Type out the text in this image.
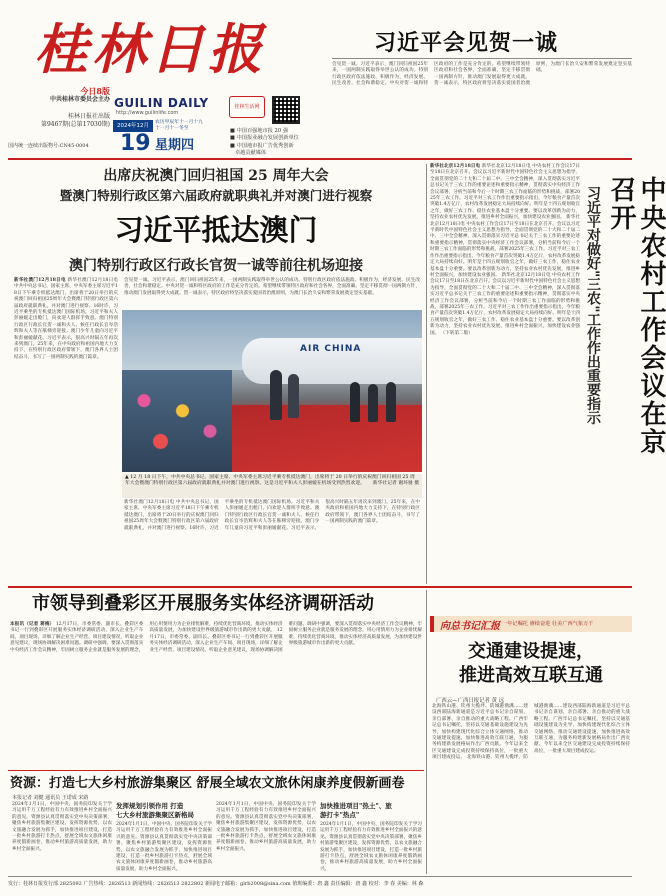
桂林日报
今日8版
中共桂林市委员会主办
桂林日报社出版
第9467期(总第17030期)
国内统一连续出版物号:CN45-0004
GUILIN DAILY
http://www.guilinlife.com
2024年12月
19
农历甲辰年十一月十九
十一月十一冬至
星期四
桂林生活网
■ 中国百强地市报 20 强
■ 中国报业融合发展创新单位
■ 中国地市报广告优秀创新
卓越贡献媒体
习近平会见贺一诚
会见贺一诚。习近平表示，澳门回归祖国25年来，一国两制实践取得举世公认的成功。特别行政区政府依法施政、积极作为，经济发展、民生改善，社会和谐稳定。中央对贺一诚和特区政府的工作是充分肯定的。希望继续带领特区政府和社会各界，全面准确、坚定不移贯彻一国两制方针，推动澳门发展取得更大成就。贺一诚表示，特区政府将坚决落实爱国者治澳原则，为澳门长治久安和繁荣发展奠定坚实基础。
出席庆祝澳门回归祖国 25 周年大会
暨澳门特别行政区第六届政府就职典礼并对澳门进行视察
习近平抵达澳门
澳门特别行政区行政长官贺一诚等前往机场迎接
新华社澳门12月18日电 新华社澳门12月18日电 中共中央总书记、国家主席、中央军委主席习近平18日下午乘专机抵达澳门，出席将于20日举行的庆祝澳门回归祖国25周年大会暨澳门特别行政区第六届政府就职典礼，并对澳门进行视察。16时许，习近平乘坐的专机抵达澳门国际机场。习近平和夫人彭丽媛走出舱门，向欢迎人群挥手致意。澳门特别行政区行政长官贺一诚和夫人、候任行政长官岑浩辉和夫人等在舷梯旁迎接。澳门少年儿童向习近平和彭丽媛献花。习近平表示，很高兴时隔五年再次来到澳门。25年来，在中央政府和祖国内地大力支持下，在特别行政区政府带领下，澳门各界人士团结奋斗，书写了一国两制实践的澳门篇章。
会见贺一诚。习近平表示，澳门回归祖国25年来，一国两制实践取得举世公认的成功。特别行政区政府依法施政、积极作为，经济发展、民生改善，社会和谐稳定。中央对贺一诚和特区政府的工作是充分肯定的。希望继续带领特区政府和社会各界，全面准确、坚定不移贯彻一国两制方针，推动澳门发展取得更大成就。贺一诚表示，特区政府将坚决落实爱国者治澳原则，为澳门长治久安和繁荣发展奠定坚实基础。
AIR CHINA
▲ 12 月 18 日下午，中共中央总书记、国家主席、中央军委主席习近平乘专机抵达澳门，出席将于 20 日举行的庆祝澳门回归祖国 25 周年大会暨澳门特别行政区第六届政府就职典礼并对澳门进行视察。这是习近平和夫人彭丽媛在机场受到热烈欢迎。 新华社记者 谢环驰 摄
新华社澳门12月18日电 中共中央总书记、国家主席、中央军委主席习近平18日下午乘专机抵达澳门，出席将于20日举行的庆祝澳门回归祖国25周年大会暨澳门特别行政区第六届政府就职典礼，并对澳门进行视察。16时许，习近平乘坐的专机抵达澳门国际机场。习近平和夫人彭丽媛走出舱门，向欢迎人群挥手致意。澳门特别行政区行政长官贺一诚和夫人、候任行政长官岑浩辉和夫人等在舷梯旁迎接。澳门少年儿童向习近平和彭丽媛献花。习近平表示，很高兴时隔五年再次来到澳门。25年来，在中央政府和祖国内地大力支持下，在特别行政区政府带领下，澳门各界人士团结奋斗，书写了一国两制实践的澳门篇章。
新华社北京12月18日电 新华社北京12月18日电 中央农村工作会议17日至18日在北京召开。会议以习近平新时代中国特色社会主义思想为指导，全面贯彻党的二十大和二十届二中、三中全会精神，深入贯彻落实习近平总书记关于三农工作的重要论述和重要指示精神，贯彻落实中央经济工作会议部署，分析当前和今后一个时期三农工作面临的形势和挑战，部署2025年三农工作。习近平对三农工作作出重要指示指出，今年粮食产量首次突破1.4万亿斤，农村改革发展稳定大局持续向好。明年是十四五规划收官之年，做好三农工作、稳住农业基本盘十分重要。要以改革创新为动力，坚持农业农村优先发展，推进乡村全面振兴，加快建设农业强国。 新华社北京12月18日电 中央农村工作会议17日至18日在北京召开。会议以习近平新时代中国特色社会主义思想为指导，全面贯彻党的二十大和二十届二中、三中全会精神，深入贯彻落实习近平总书记关于三农工作的重要论述和重要指示精神，贯彻落实中央经济工作会议部署，分析当前和今后一个时期三农工作面临的形势和挑战，部署2025年三农工作。习近平对三农工作作出重要指示指出，今年粮食产量首次突破1.4万亿斤，农村改革发展稳定大局持续向好。明年是十四五规划收官之年，做好三农工作、稳住农业基本盘十分重要。要以改革创新为动力，坚持农业农村优先发展，推进乡村全面振兴，加快建设农业强国。 新华社北京12月18日电 中央农村工作会议17日至18日在北京召开。会议以习近平新时代中国特色社会主义思想为指导，全面贯彻党的二十大和二十届二中、三中全会精神，深入贯彻落实习近平总书记关于三农工作的重要论述和重要指示精神，贯彻落实中央经济工作会议部署，分析当前和今后一个时期三农工作面临的形势和挑战，部署2025年三农工作。习近平对三农工作作出重要指示指出，今年粮食产量首次突破1.4万亿斤，农村改革发展稳定大局持续向好。明年是十四五规划收官之年，做好三农工作、稳住农业基本盘十分重要。要以改革创新为动力，坚持农业农村优先发展，推进乡村全面振兴，加快建设农业强国。 （下转第二版）	中央农村工作会议在京召开
习近平对做好"三农"工作作出重要指示
市领导到叠彩区开展服务实体经济调研活动
本报讯（记者 蒋梅） 12月17日，市委常委、副市长、叠彩区委书记一行到叠彩区开展服务实体经济调研活动，深入企业生产车间、项目现场，详细了解企业生产经营、项目建设情况，听取企业意见建议，现场协调解决困难问题。调研中强调，要深入贯彻落实中央经济工作会议精神，牢固树立服务企业就是服务发展的理念，用心用情用力为企业排忧解难，持续优化营商环境，推动实体经济高质量发展，为加快建设世界级旅游城市作出新的更大贡献。 12月17日，市委常委、副市长、叠彩区委书记一行到叠彩区开展服务实体经济调研活动，深入企业生产车间、项目现场，详细了解企业生产经营、项目建设情况，听取企业意见建议，现场协调解决困难问题。调研中强调，要深入贯彻落实中央经济工作会议精神，牢固树立服务企业就是服务发展的理念，用心用情用力为企业排忧解难，持续优化营商环境，推动实体经济高质量发展，为加快建设世界级旅游城市作出新的更大贡献。
向总书记汇报 一年记嘱托 赓续奋进 壮美广西气象万千
交通建设提速，
推进高效互联互通
广西云—广西日报记者 黄 远
北海铁山港、钦州大榄坪、防城港渔澫……建设西部陆海新通道是习近平总书记亲自谋划、亲自部署、亲自推动的重大战略工程。广西牢记总书记嘱托，坚持以交通基础设施建设为先导，加快构建现代化综合立体交通网络，推动交通建设提速，加快推进高效互联互通，为服务构建新发展格局作出广西贡献。今年以来全区交通建设完成投资持续保持高位，一批重大项目建成投运。 北海铁山港、钦州大榄坪、防城港渔澫……建设西部陆海新通道是习近平总书记亲自谋划、亲自部署、亲自推动的重大战略工程。广西牢记总书记嘱托，坚持以交通基础设施建设为先导，加快构建现代化综合立体交通网络，推动交通建设提速，加快推进高效互联互通，为服务构建新发展格局作出广西贡献。今年以来全区交通建设完成投资持续保持高位，一批重大项目建成投运。
资源：打造七大乡村旅游集聚区 舒展全域农文旅休闲康养度假新画卷
本报记者 刘健 通讯员 王诺成 宋路
2024年1月1日，中国中央、国务院印发关于学习运用千万工程经验有力有效推进乡村全面振兴的意见。资源县认真贯彻落实党中央决策部署，聚焦乡村旅游集聚区建设，发挥资源优势，以农文旅融合发展为抓手，加快推进项目建设，打造一批乡村旅游打卡热点，舒展全域农文旅休闲康养度假新画卷，推动乡村旅游高质量发展，助力乡村全面振兴。
发挥规划引领作用 打造
七大乡村旅游集聚区新格局
2024年1月1日，中国中央、国务院印发关于学习运用千万工程经验有力有效推进乡村全面振兴的意见。资源县认真贯彻落实党中央决策部署，聚焦乡村旅游集聚区建设，发挥资源优势，以农文旅融合发展为抓手，加快推进项目建设，打造一批乡村旅游打卡热点，舒展全域农文旅休闲康养度假新画卷，推动乡村旅游高质量发展，助力乡村全面振兴。
2024年1月1日，中国中央、国务院印发关于学习运用千万工程经验有力有效推进乡村全面振兴的意见。资源县认真贯彻落实党中央决策部署，聚焦乡村旅游集聚区建设，发挥资源优势，以农文旅融合发展为抓手，加快推进项目建设，打造一批乡村旅游打卡热点，舒展全域农文旅休闲康养度假新画卷，推动乡村旅游高质量发展，助力乡村全面振兴。
加快推进项目"热土"、旅
游打卡"热点"
2024年1月1日，中国中央、国务院印发关于学习运用千万工程经验有力有效推进乡村全面振兴的意见。资源县认真贯彻落实党中央决策部署，聚焦乡村旅游集聚区建设，发挥资源优势，以农文旅融合发展为抓手，加快推进项目建设，打造一批乡村旅游打卡热点，舒展全域农文旅休闲康养度假新画卷，推动乡村旅游高质量发展，助力乡村全面振兴。
发行：桂林日报发行部 2825092 广告热线：2826513 新闻热线：2826513 2822802 新闻电子邮箱：glrb2008@sina.com 值班编委：唐 鑫 责任编辑：唐 鑫 校对：李 春 美编：林 森
